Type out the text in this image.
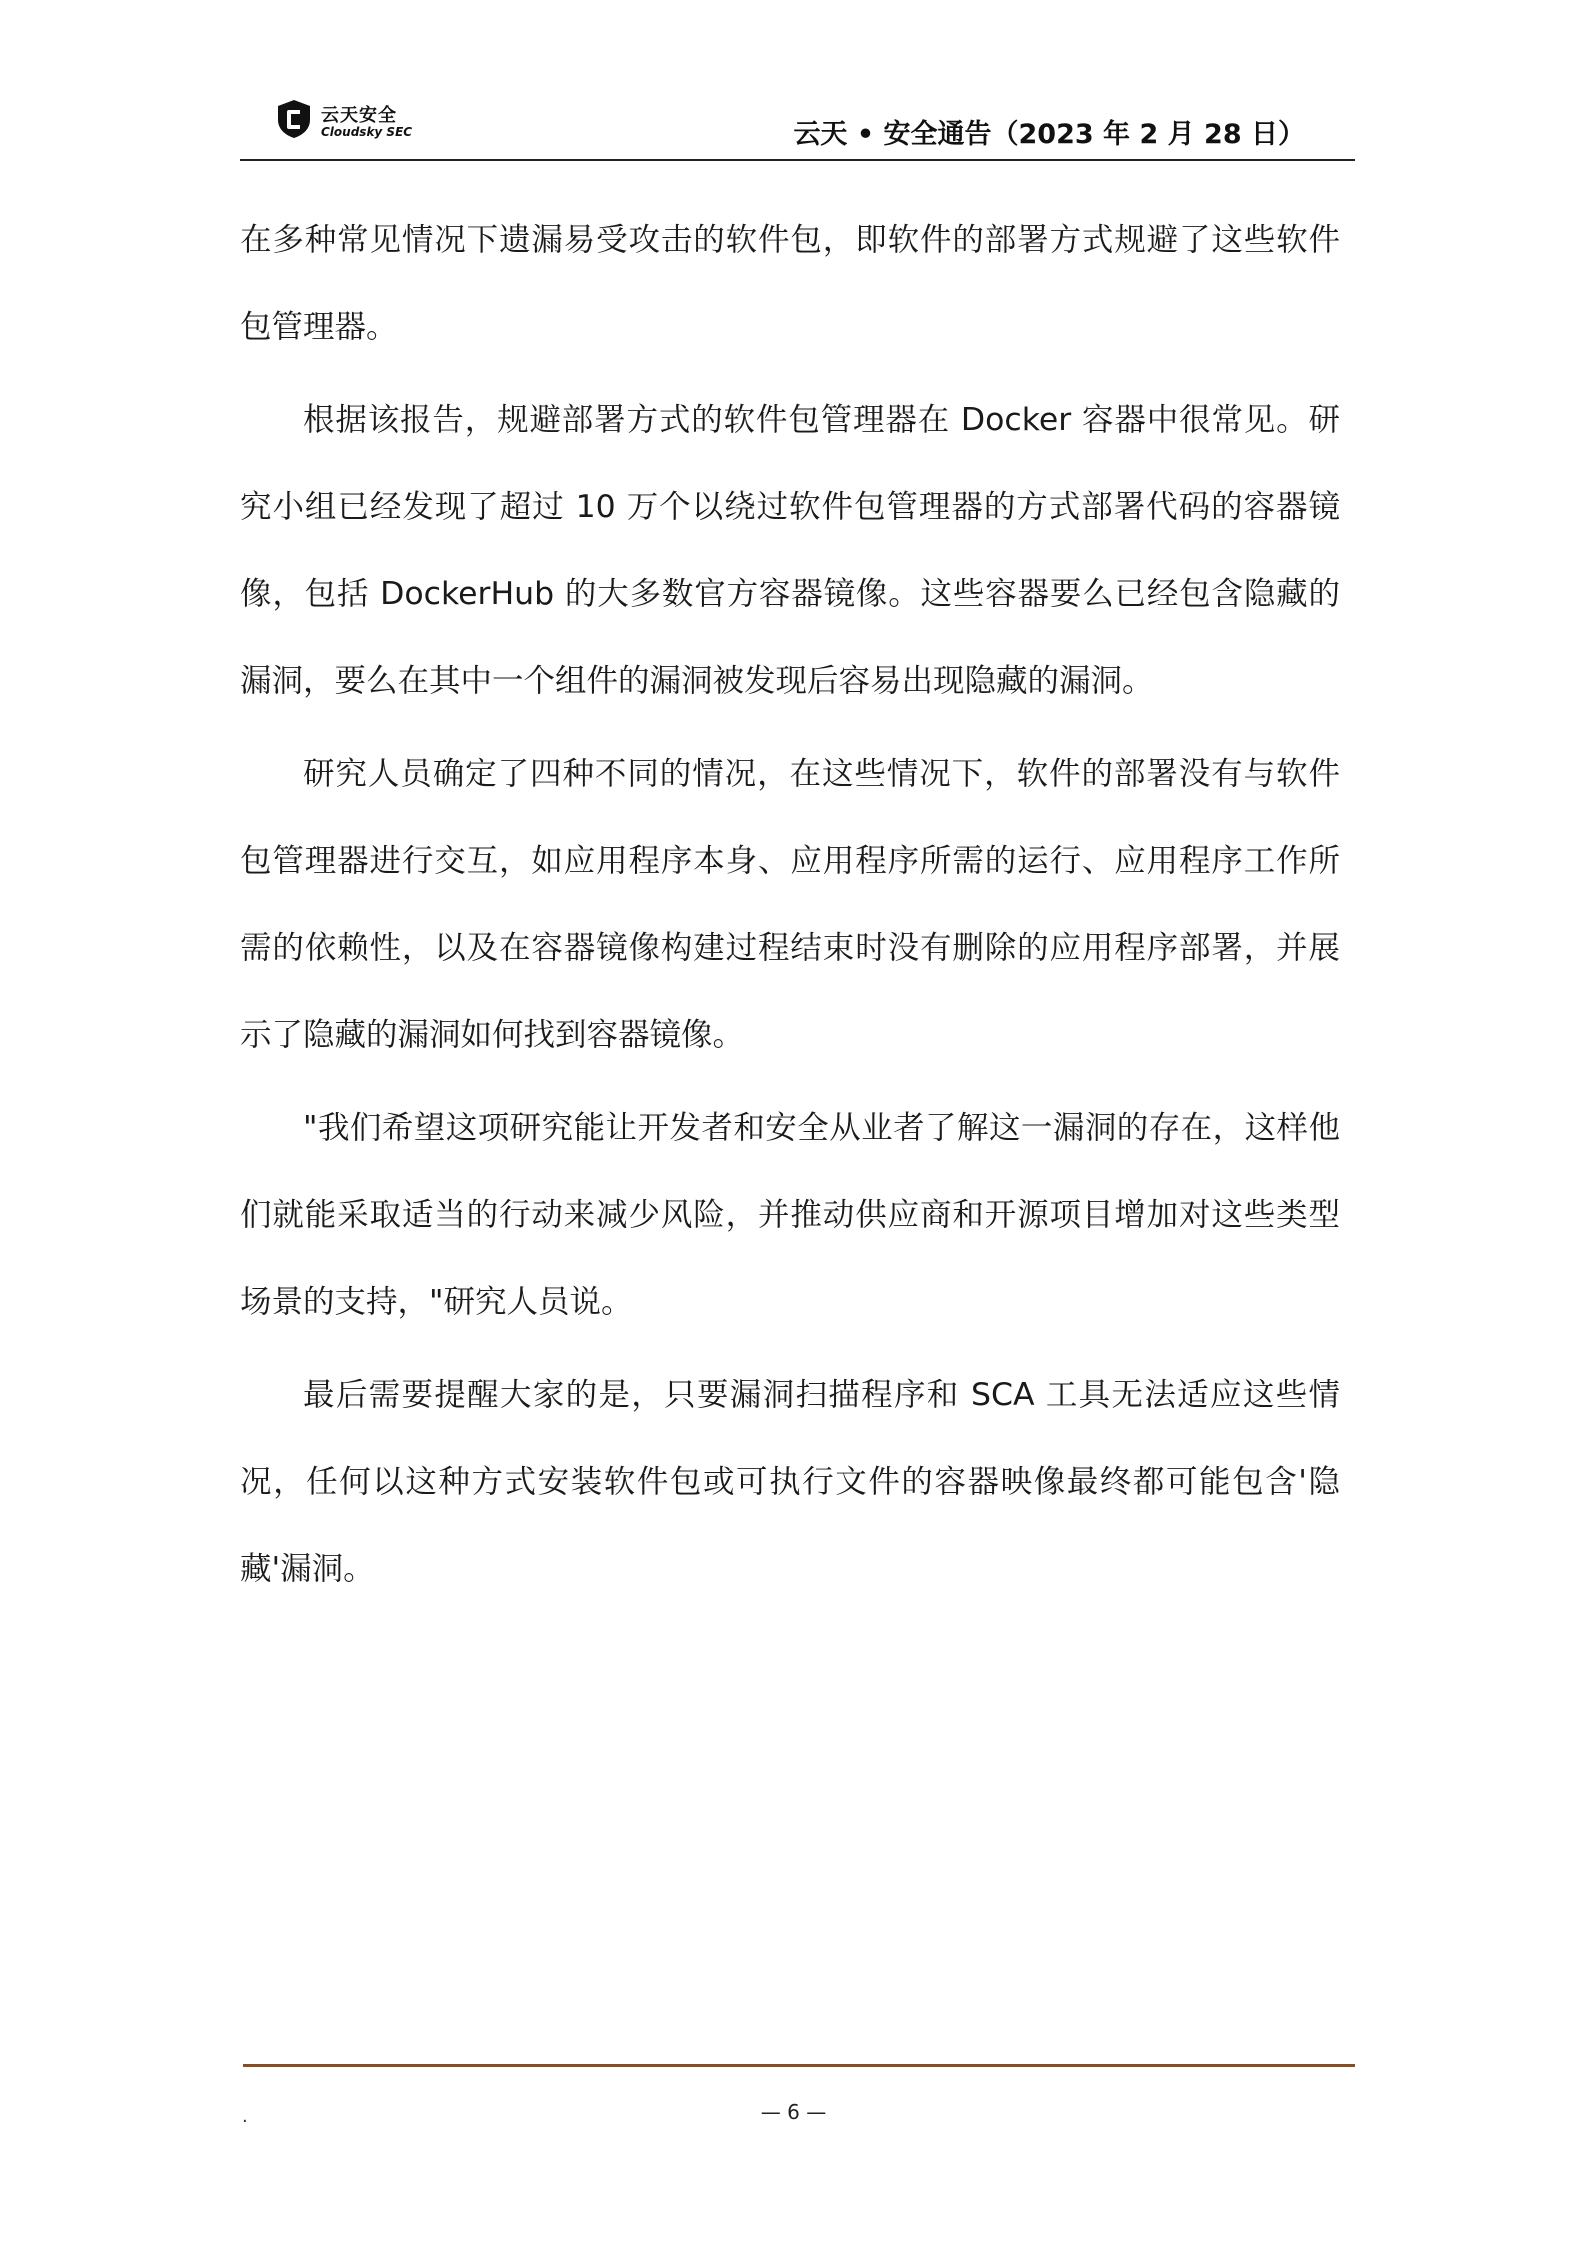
云天安全
Cloudsky SEC	云天 • 安全通告（2023 年 2 月 28 日）

在多种常见情况下遗漏易受攻击的软件包，即软件的部署方式规避了这些软件包管理器。

根据该报告，规避部署方式的软件包管理器在 Docker 容器中很常见。研究小组已经发现了超过 10 万个以绕过软件包管理器的方式部署代码的容器镜像，包括 DockerHub 的大多数官方容器镜像。这些容器要么已经包含隐藏的漏洞，要么在其中一个组件的漏洞被发现后容易出现隐藏的漏洞。

研究人员确定了四种不同的情况，在这些情况下，软件的部署没有与软件包管理器进行交互，如应用程序本身、应用程序所需的运行、应用程序工作所需的依赖性，以及在容器镜像构建过程结束时没有删除的应用程序部署，并展示了隐藏的漏洞如何找到容器镜像。

"我们希望这项研究能让开发者和安全从业者了解这一漏洞的存在，这样他们就能采取适当的行动来减少风险，并推动供应商和开源项目增加对这些类型场景的支持，"研究人员说。

最后需要提醒大家的是，只要漏洞扫描程序和 SCA 工具无法适应这些情况，任何以这种方式安装软件包或可执行文件的容器映像最终都可能包含'隐藏'漏洞。

.	— 6 —
